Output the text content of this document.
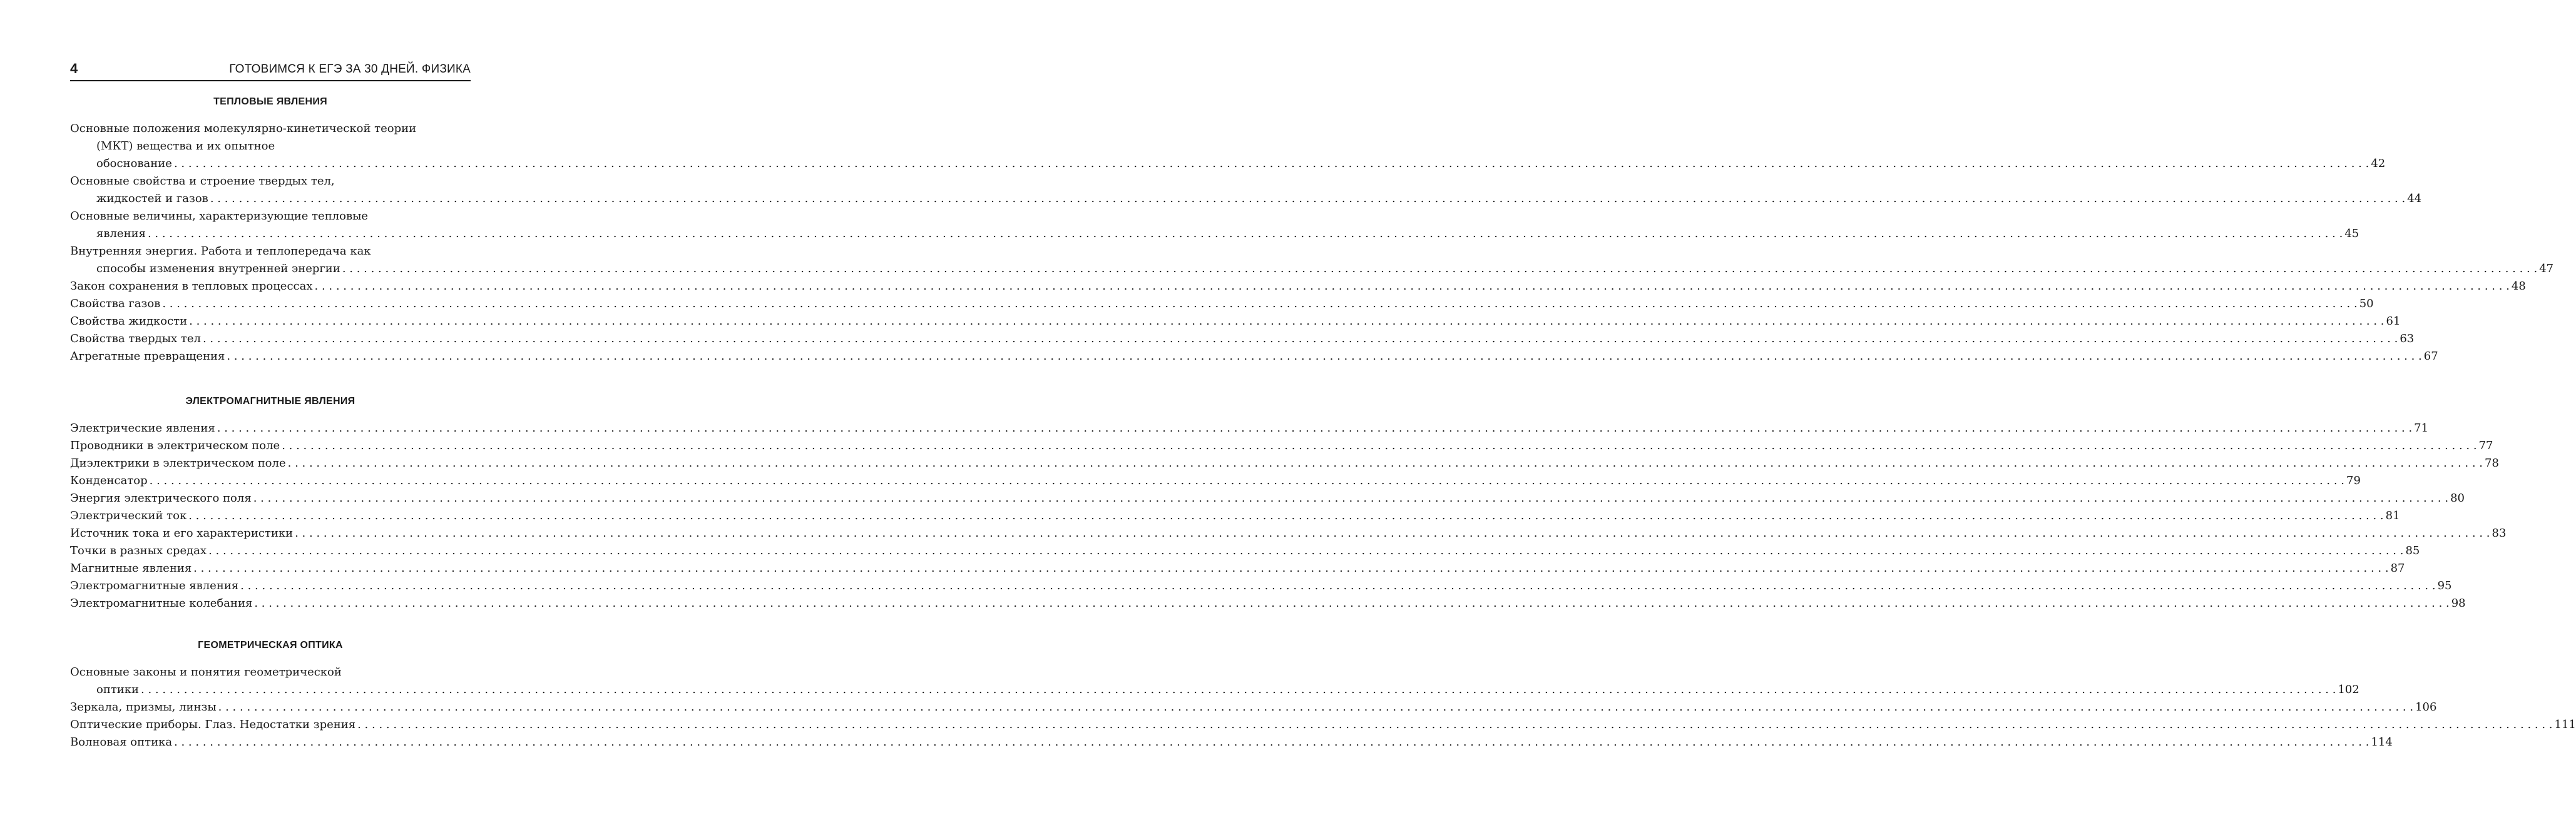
4	ГОТОВИМСЯ К ЕГЭ ЗА 30 ДНЕЙ. ФИЗИКА
ТЕПЛОВЫЕ ЯВЛЕНИЯ
Основные положения молекулярно-кинетической теории
(МКТ) вещества и их опытное
обоснование . . .	42
Основные свойства и строение твердых тел,
жидкостей и газов . . .	44
Основные величины, характеризующие тепловые
явления . . .	45
Внутренняя энергия. Работа и теплопередача как
способы изменения внутренней энергии . . .	47
Закон сохранения в тепловых процессах . . .	48
Свойства газов . . .	50
Свойства жидкости . . .	61
Свойства твердых тел . . .	63
Агрегатные превращения . . .	67
ЭЛЕКТРОМАГНИТНЫЕ ЯВЛЕНИЯ
Электрические явления . . .	71
Проводники в электрическом поле . . .	77
Диэлектрики в электрическом поле . . .	78
Конденсатор . . .	79
Энергия электрического поля . . .	80
Электрический ток . . .	81
Источник тока и его характеристики . . .	83
Точки в разных средах . . .	85
Магнитные явления . . .	87
Электромагнитные явления . . .	95
Электромагнитные колебания . . .	98
ГЕОМЕТРИЧЕСКАЯ ОПТИКА
Основные законы и понятия геометрической
оптики . . .	102
Зеркала, призмы, линзы . . .	106
Оптические приборы. Глаз. Недостатки зрения . . .	111
Волновая оптика . . .	114
